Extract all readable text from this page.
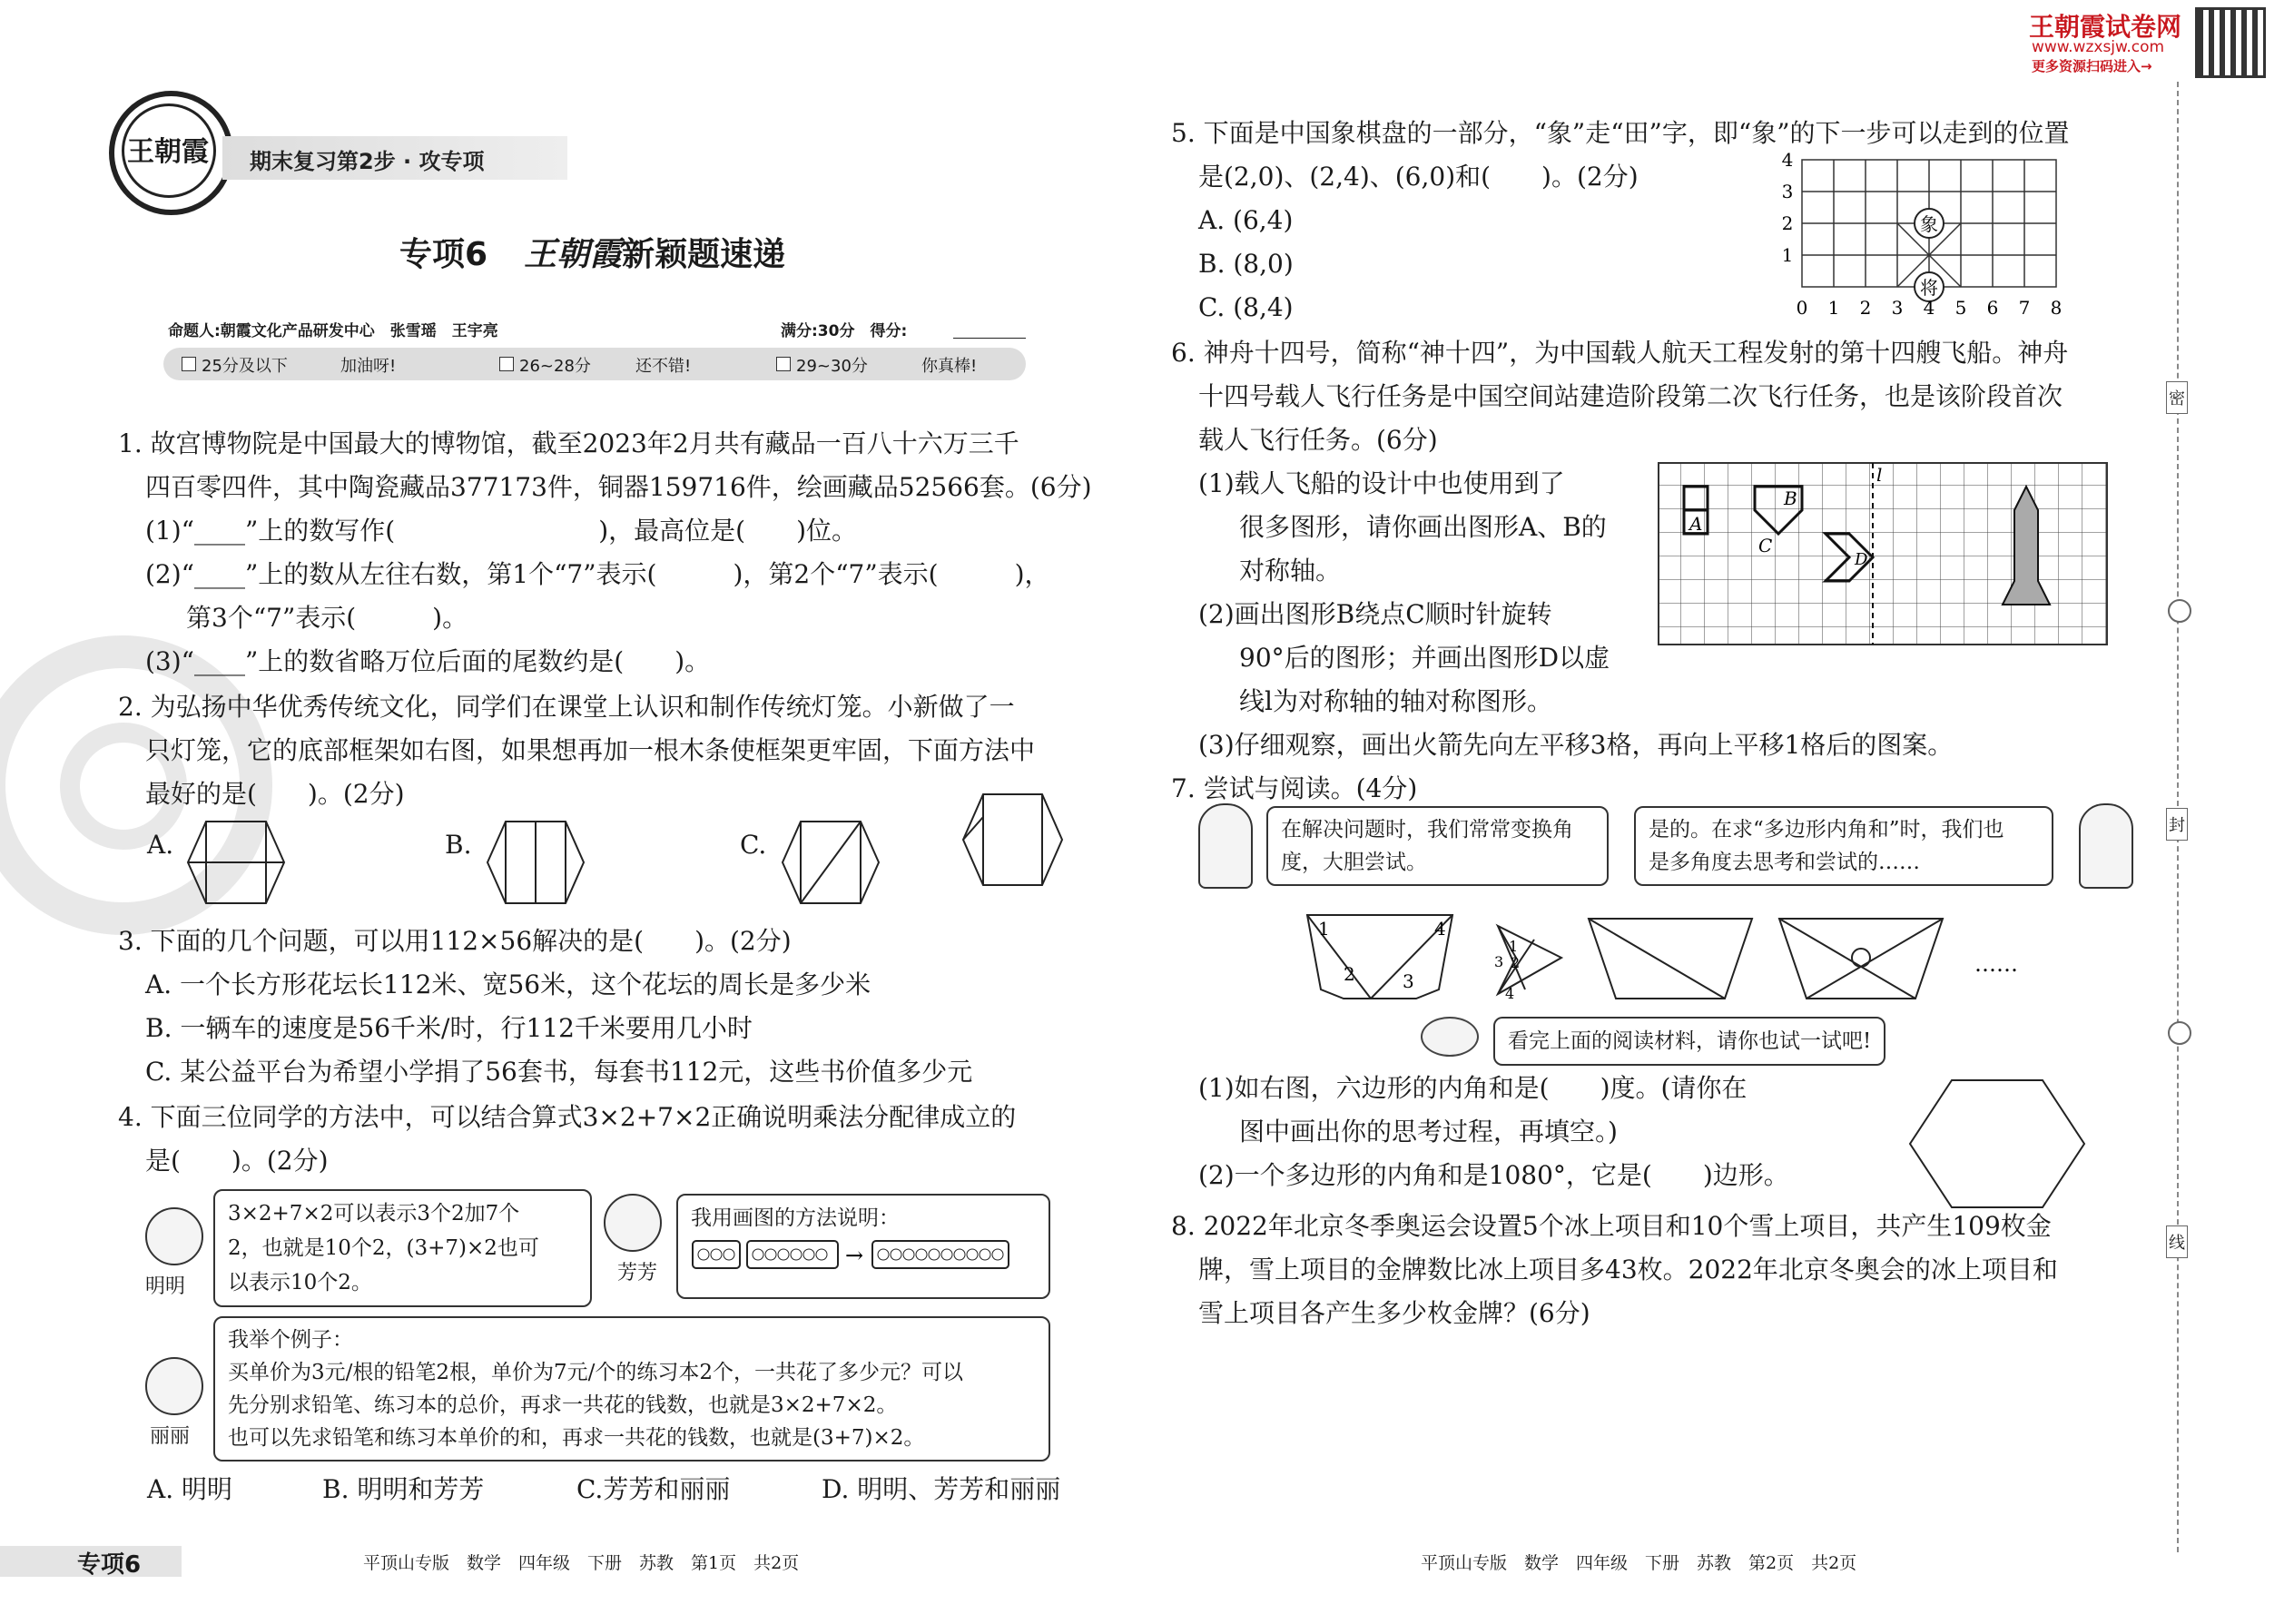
王朝霞试卷网
www.wzxsjw.com
更多资源扫码进入→
王朝霞 期末复习第2步 · 攻专项
专项6 王朝霞新颖题速递
命题人:朝霞文化产品研发中心　张雪瑶　王宇亮	满分:30分　得分:
25分及以下	加油呀!	26~28分	还不错!	29~30分	你真棒!
1. 故宫博物院是中国最大的博物馆，截至2023年2月共有藏品一百八十六万三千
四百零四件，其中陶瓷藏品377173件，铜器159716件，绘画藏品52566套。(6分)
(1)“____”上的数写作(　　　　　　　　)，最高位是(　　)位。
(2)“____”上的数从左往右数，第1个“7”表示(　　　)，第2个“7”表示(　　　)，
第3个“7”表示(　　　)。
(3)“____”上的数省略万位后面的尾数约是(　　)。
2. 为弘扬中华优秀传统文化，同学们在课堂上认识和制作传统灯笼。小新做了一
只灯笼，它的底部框架如右图，如果想再加一根木条使框架更牢固，下面方法中
最好的是(　　)。(2分)
A.	B.	C.
3. 下面的几个问题，可以用112×56解决的是(　　)。(2分)
A. 一个长方形花坛长112米、宽56米，这个花坛的周长是多少米
B. 一辆车的速度是56千米/时，行112千米要用几小时
C. 某公益平台为希望小学捐了56套书，每套书112元，这些书价值多少元
4. 下面三位同学的方法中，可以结合算式3×2+7×2正确说明乘法分配律成立的
是(　　)。(2分)
明明
3×2+7×2可以表示3个2加7个
2，也就是10个2，(3+7)×2也可
以表示10个2。	芳芳
我用画图的方法说明：
→
丽丽
我举个例子：
买单价为3元/根的铅笔2根，单价为7元/个的练习本2个，一共花了多少元？可以
先分别求铅笔、练习本的总价，再求一共花的钱数，也就是3×2+7×2。
也可以先求铅笔和练习本单价的和，再求一共花的钱数，也就是(3+7)×2。
A. 明明	B. 明明和芳芳	C.芳芳和丽丽	D. 明明、芳芳和丽丽
专项6	平顶山专版　数学　四年级　下册　苏教　第1页　共2页
5. 下面是中国象棋盘的一部分，“象”走“田”字，即“象”的下一步可以走到的位置
是(2,0)、(2,4)、(6,0)和(　　)。(2分)
A. (6,4)
B. (8,0)
C. (8,4)
象
将
0 1 2 3 4 5 6 7 8
1
2
3
4
6. 神舟十四号，简称“神十四”，为中国载人航天工程发射的第十四艘飞船。神舟
十四号载人飞行任务是中国空间站建造阶段第二次飞行任务，也是该阶段首次
载人飞行任务。(6分)
(1)载人飞船的设计中也使用到了
很多图形，请你画出图形A、B的
对称轴。
(2)画出图形B绕点C顺时针旋转
90°后的图形；并画出图形D以虚
线l为对称轴的轴对称图形。
(3)仔细观察，画出火箭先向左平移3格，再向上平移1格后的图案。
A
B
C
D
l
7. 尝试与阅读。(4分)
在解决问题时，我们常常变换角
度，大胆尝试。
是的。在求“多边形内角和”时，我们也
是多角度去思考和尝试的……
1	4
2	3
1
2
3
4
……
看完上面的阅读材料，请你也试一试吧!
(1)如右图，六边形的内角和是(　　)度。(请你在
图中画出你的思考过程，再填空。)
(2)一个多边形的内角和是1080°，它是(　　)边形。
8. 2022年北京冬季奥运会设置5个冰上项目和10个雪上项目，共产生109枚金
牌，雪上项目的金牌数比冰上项目多43枚。2022年北京冬奥会的冰上项目和
雪上项目各产生多少枚金牌？(6分)
密
封
线
平顶山专版　数学　四年级　下册　苏教　第2页　共2页
